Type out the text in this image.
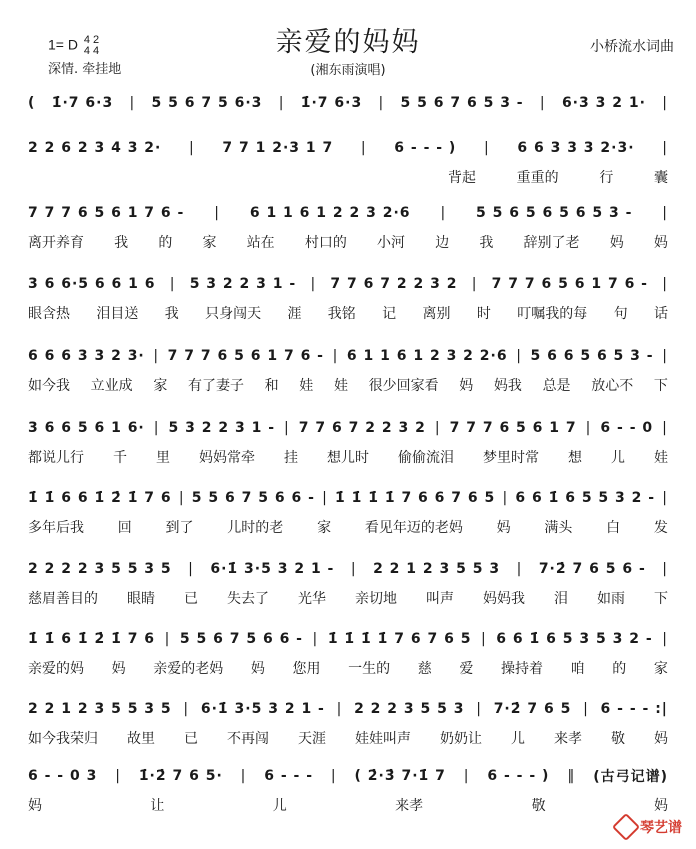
亲爱的妈妈
1= D 4 2
4 4
深情. 牵挂地	(湘东雨演唱)
小桥流水词曲
( 1̇·7 6·3 | 5 5 6 7 5 6·3 | 1̇·7 6·3 | 5 5 6 7 6 5 3 - | 6·3 3 2 1· |
2 2 6 2 3 4 3 2· | 7 7 1 2·3 1 7 | 6 - - - ) | 6 6 3 3 3 2·3· |
背起	重重的	行	囊
7 7 7 6 5 6 1 7 6 - | 6 1 1 6 1 2 2 3 2·6 | 5 5 6 5 6 5 6 5 3 - |
离开养育 我 的 家 站在 村口的 小河 边 我 辞别了老 妈 妈
3 6 6·5 6 6 1 6 | 5 3 2 2 3 1 - | 7 7 6 7 2 2 3 2 | 7 7 7 6 5 6 1 7 6 - |
眼含热 泪目送 我 只身闯天 涯 我铭 记 离别 时 叮嘱我的每 句 话
6 6 6 3 3 2 3· | 7 7 7 6 5 6 1 7 6 - | 6 1 1 6 1 2 3 2 2·6 | 5 6 6 5 6 5 3 - |
如今我 立业成 家 有了妻子 和 娃 娃 很少回家看 妈 妈我 总是 放心不 下
3 6 6 5 6 1 6· | 5 3 2 2 3 1 - | 7 7 6 7 2 2 3 2 | 7 7 7 6 5 6 1 7 | 6 - - 0 |
都说儿行 千 里 妈妈常牵 挂 想儿时 偷偷流泪 梦里时常 想 儿 娃
1̇ 1̇ 6 6 1̇ 2̇ 1̇ 7 6 | 5 5 6 7 5 6 6 - | 1̇ 1̇ 1̇ 1̇ 7 6 6 7 6 5 | 6 6 1̇ 6 5 5 3 2 - |
多年后我 回 到了 儿时的老 家 看见年迈的老妈 妈 满头 白 发
2 2 2 2 3 5 5 3 5 | 6·1̇ 3·5 3 2 1 - | 2 2 1 2 3 5 5 3 | 7·2̇ 7 6 5 6 - |
慈眉善目的 眼睛 已 失去了 光华 亲切地 叫声 妈妈我 泪 如雨 下
1̇ 1̇ 6 1̇ 2̇ 1̇ 7 6 | 5 5 6 7 5 6 6 - | 1̇ 1̇ 1̇ 1̇ 7 6 7 6 5 | 6 6 1̇ 6 5 3 5 3 2 - |
亲爱的妈 妈 亲爱的老妈 妈 您用 一生的 慈 爱 操持着 咱 的 家
2 2 1 2 3 5 5 3 5 | 6·1̇ 3·5 3 2 1 - | 2 2 2 3 5 5 3 | 7·2̇ 7 6 5 | 6 - - - :|
如今我荣归 故里 已 不再闯 天涯 娃娃叫声 奶奶让 儿 来孝 敬 妈
6 - - 0 3 | 1̇·2̇ 7 6 5· | 6 - - - | ( 2̇·3̇ 7·1̇ 7 | 6 - - - ) ‖ (古弓记谱)
妈	让	儿	来孝	敬	妈
琴艺谱
